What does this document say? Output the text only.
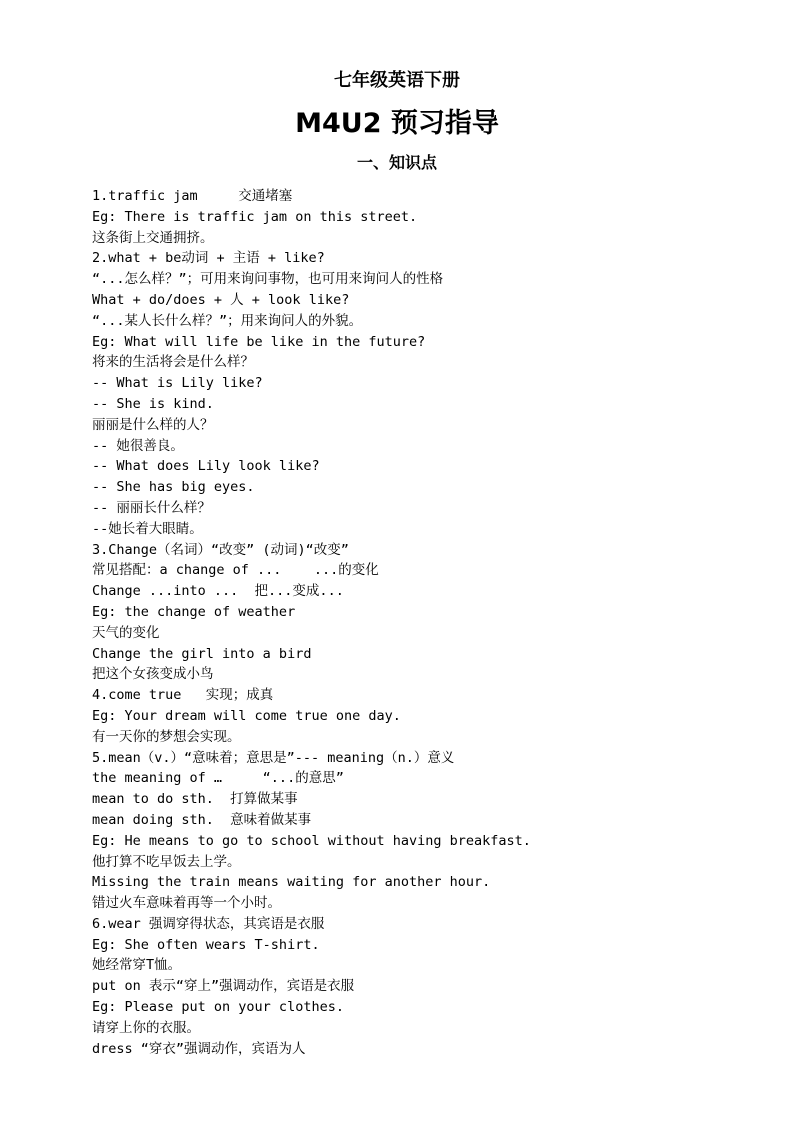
七年级英语下册
M4U2 预习指导
一、知识点
1.traffic jam     交通堵塞
Eg: There is traffic jam on this street.
这条街上交通拥挤。
2.what + be动词 + 主语 + like?
“...怎么样？”；可用来询问事物，也可用来询问人的性格
What + do/does + 人 + look like?
“...某人长什么样？”；用来询问人的外貌。
Eg: What will life be like in the future?
将来的生活将会是什么样？
-- What is Lily like?
-- She is kind.
丽丽是什么样的人？
-- 她很善良。
-- What does Lily look like?
-- She has big eyes.
-- 丽丽长什么样？
--她长着大眼睛。
3.Change（名词）“改变” (动词)“改变”
常见搭配：a change of ...    ...的变化
Change ...into ...  把...变成...
Eg: the change of weather
天气的变化
Change the girl into a bird
把这个女孩变成小鸟
4.come true   实现；成真
Eg: Your dream will come true one day.
有一天你的梦想会实现。
5.mean（v.）“意味着；意思是”--- meaning（n.）意义
the meaning of …     “...的意思”
mean to do sth.  打算做某事
mean doing sth.  意味着做某事
Eg: He means to go to school without having breakfast.
他打算不吃早饭去上学。
Missing the train means waiting for another hour.
错过火车意味着再等一个小时。
6.wear 强调穿得状态，其宾语是衣服
Eg: She often wears T-shirt.
她经常穿T恤。
put on 表示“穿上”强调动作，宾语是衣服
Eg: Please put on your clothes.
请穿上你的衣服。
dress “穿衣”强调动作，宾语为人
